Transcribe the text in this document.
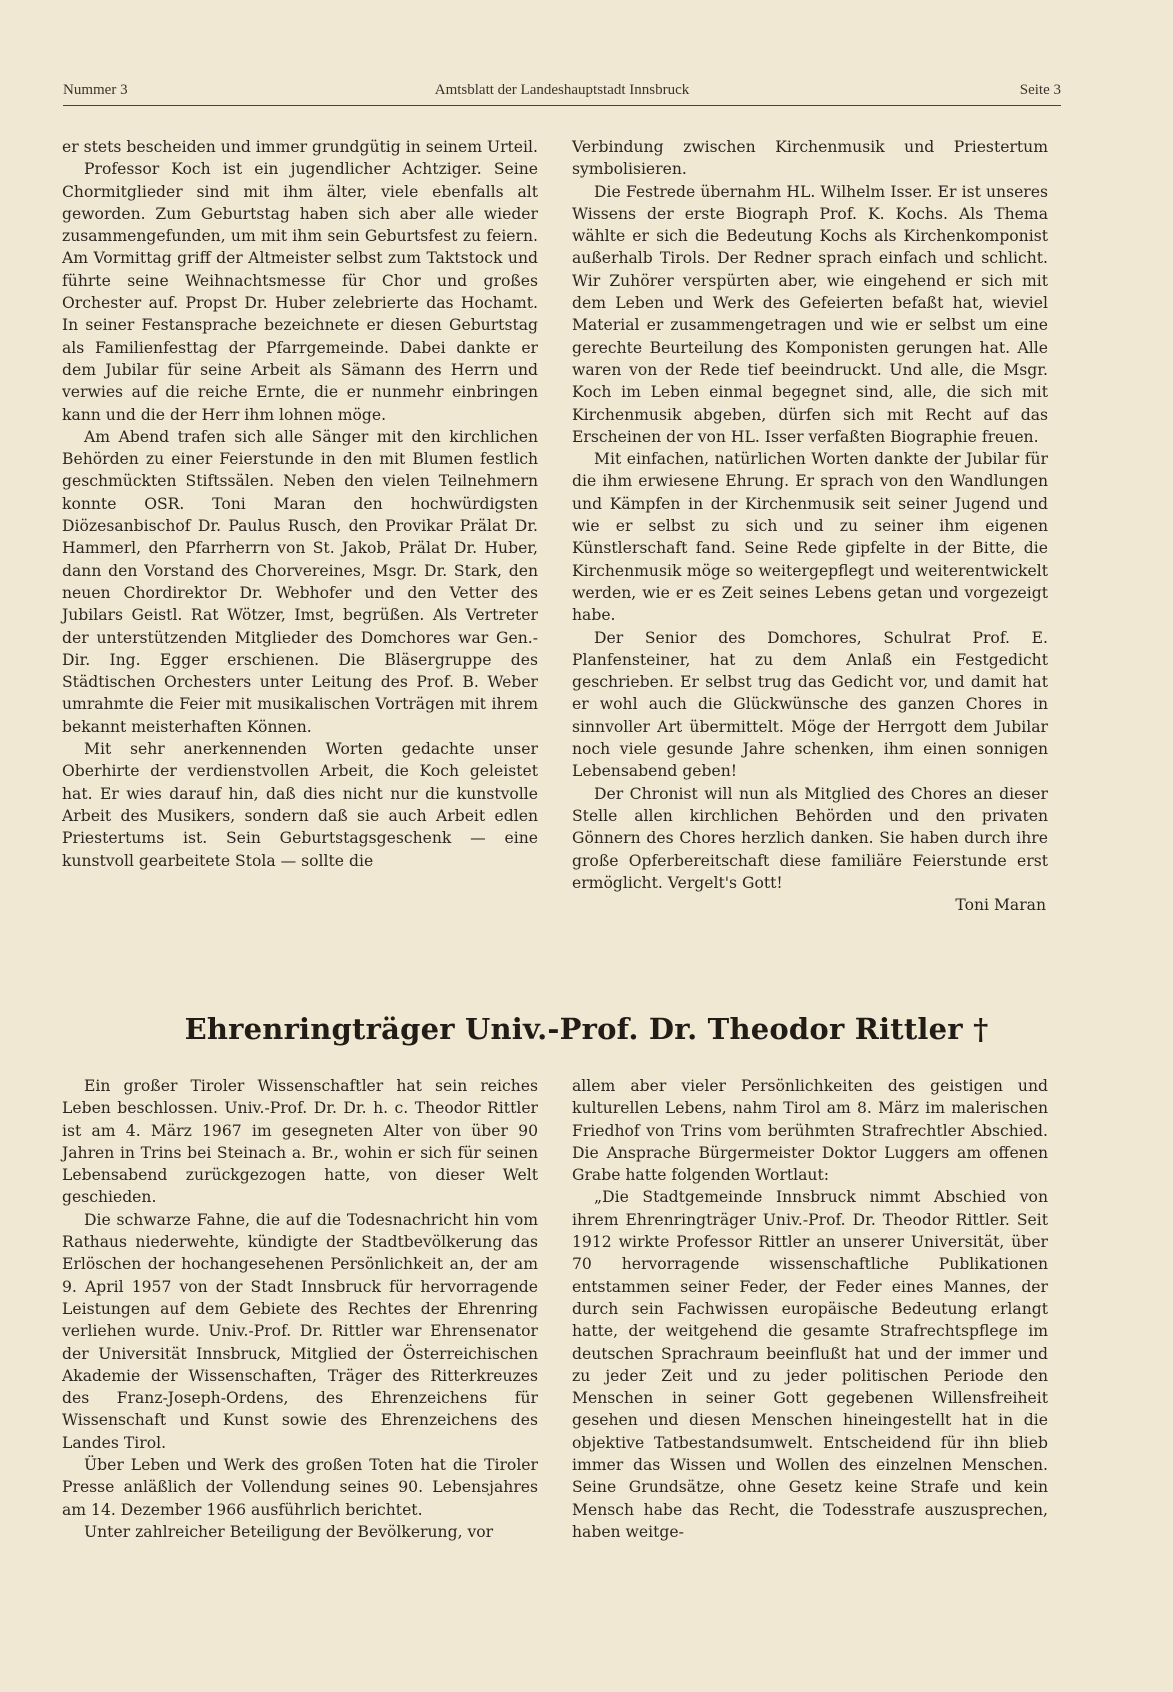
Nummer 3	Amtsblatt der Landeshauptstadt Innsbruck	Seite 3

er stets bescheiden und immer grundgütig in seinem Urteil.

Professor Koch ist ein jugendlicher Achtziger. Seine Chormitglieder sind mit ihm älter, viele ebenfalls alt geworden. Zum Geburtstag haben sich aber alle wieder zusammengefunden, um mit ihm sein Geburtsfest zu feiern. Am Vormittag griff der Altmeister selbst zum Taktstock und führte seine Weihnachtsmesse für Chor und großes Orchester auf. Propst Dr. Huber zelebrierte das Hochamt. In seiner Festansprache bezeichnete er diesen Geburtstag als Familienfesttag der Pfarrgemeinde. Dabei dankte er dem Jubilar für seine Arbeit als Sämann des Herrn und verwies auf die reiche Ernte, die er nunmehr einbringen kann und die der Herr ihm lohnen möge.

Am Abend trafen sich alle Sänger mit den kirchlichen Behörden zu einer Feierstunde in den mit Blumen festlich geschmückten Stiftssälen. Neben den vielen Teilnehmern konnte OSR. Toni Maran den hochwürdigsten Diözesanbischof Dr. Paulus Rusch, den Provikar Prälat Dr. Hammerl, den Pfarrherrn von St. Jakob, Prälat Dr. Huber, dann den Vorstand des Chorvereines, Msgr. Dr. Stark, den neuen Chordirektor Dr. Webhofer und den Vetter des Jubilars Geistl. Rat Wötzer, Imst, begrüßen. Als Vertreter der unterstützenden Mitglieder des Domchores war Gen.-Dir. Ing. Egger erschienen. Die Bläsergruppe des Städtischen Orchesters unter Leitung des Prof. B. Weber umrahmte die Feier mit musikalischen Vorträgen mit ihrem bekannt meisterhaften Können.

Mit sehr anerkennenden Worten gedachte unser Oberhirte der verdienstvollen Arbeit, die Koch geleistet hat. Er wies darauf hin, daß dies nicht nur die kunstvolle Arbeit des Musikers, sondern daß sie auch Arbeit edlen Priestertums ist. Sein Geburtstagsgeschenk — eine kunstvoll gearbeitete Stola — sollte die

Verbindung zwischen Kirchenmusik und Priestertum symbolisieren.

Die Festrede übernahm HL. Wilhelm Isser. Er ist unseres Wissens der erste Biograph Prof. K. Kochs. Als Thema wählte er sich die Bedeutung Kochs als Kirchenkomponist außerhalb Tirols. Der Redner sprach einfach und schlicht. Wir Zuhörer verspürten aber, wie eingehend er sich mit dem Leben und Werk des Gefeierten befaßt hat, wieviel Material er zusammengetragen und wie er selbst um eine gerechte Beurteilung des Komponisten gerungen hat. Alle waren von der Rede tief beeindruckt. Und alle, die Msgr. Koch im Leben einmal begegnet sind, alle, die sich mit Kirchenmusik abgeben, dürfen sich mit Recht auf das Erscheinen der von HL. Isser verfaßten Biographie freuen.

Mit einfachen, natürlichen Worten dankte der Jubilar für die ihm erwiesene Ehrung. Er sprach von den Wandlungen und Kämpfen in der Kirchenmusik seit seiner Jugend und wie er selbst zu sich und zu seiner ihm eigenen Künstlerschaft fand. Seine Rede gipfelte in der Bitte, die Kirchenmusik möge so weitergepflegt und weiterentwickelt werden, wie er es Zeit seines Lebens getan und vorgezeigt habe.

Der Senior des Domchores, Schulrat Prof. E. Planfensteiner, hat zu dem Anlaß ein Festgedicht geschrieben. Er selbst trug das Gedicht vor, und damit hat er wohl auch die Glückwünsche des ganzen Chores in sinnvoller Art übermittelt. Möge der Herrgott dem Jubilar noch viele gesunde Jahre schenken, ihm einen sonnigen Lebensabend geben!

Der Chronist will nun als Mitglied des Chores an dieser Stelle allen kirchlichen Behörden und den privaten Gönnern des Chores herzlich danken. Sie haben durch ihre große Opferbereitschaft diese familiäre Feierstunde erst ermöglicht. Vergelt's Gott!

Toni Maran

Ehrenringträger Univ.-Prof. Dr. Theodor Rittler †

Ein großer Tiroler Wissenschaftler hat sein reiches Leben beschlossen. Univ.-Prof. Dr. Dr. h. c. Theodor Rittler ist am 4. März 1967 im gesegneten Alter von über 90 Jahren in Trins bei Steinach a. Br., wohin er sich für seinen Lebensabend zurückgezogen hatte, von dieser Welt geschieden.

Die schwarze Fahne, die auf die Todesnachricht hin vom Rathaus niederwehte, kündigte der Stadtbevölkerung das Erlöschen der hochangesehenen Persönlichkeit an, der am 9. April 1957 von der Stadt Innsbruck für hervorragende Leistungen auf dem Gebiete des Rechtes der Ehrenring verliehen wurde. Univ.-Prof. Dr. Rittler war Ehrensenator der Universität Innsbruck, Mitglied der Österreichischen Akademie der Wissenschaften, Träger des Ritterkreuzes des Franz-Joseph-Ordens, des Ehrenzeichens für Wissenschaft und Kunst sowie des Ehrenzeichens des Landes Tirol.

Über Leben und Werk des großen Toten hat die Tiroler Presse anläßlich der Vollendung seines 90. Lebensjahres am 14. Dezember 1966 ausführlich berichtet.

Unter zahlreicher Beteiligung der Bevölkerung, vor

allem aber vieler Persönlichkeiten des geistigen und kulturellen Lebens, nahm Tirol am 8. März im malerischen Friedhof von Trins vom berühmten Strafrechtler Abschied. Die Ansprache Bürgermeister Doktor Luggers am offenen Grabe hatte folgenden Wortlaut:

„Die Stadtgemeinde Innsbruck nimmt Abschied von ihrem Ehrenringträger Univ.-Prof. Dr. Theodor Rittler. Seit 1912 wirkte Professor Rittler an unserer Universität, über 70 hervorragende wissenschaftliche Publikationen entstammen seiner Feder, der Feder eines Mannes, der durch sein Fachwissen europäische Bedeutung erlangt hatte, der weitgehend die gesamte Strafrechtspflege im deutschen Sprachraum beeinflußt hat und der immer und zu jeder Zeit und zu jeder politischen Periode den Menschen in seiner Gott gegebenen Willensfreiheit gesehen und diesen Menschen hineingestellt hat in die objektive Tatbestandsumwelt. Entscheidend für ihn blieb immer das Wissen und Wollen des einzelnen Menschen. Seine Grundsätze, ohne Gesetz keine Strafe und kein Mensch habe das Recht, die Todesstrafe auszusprechen, haben weitge-
